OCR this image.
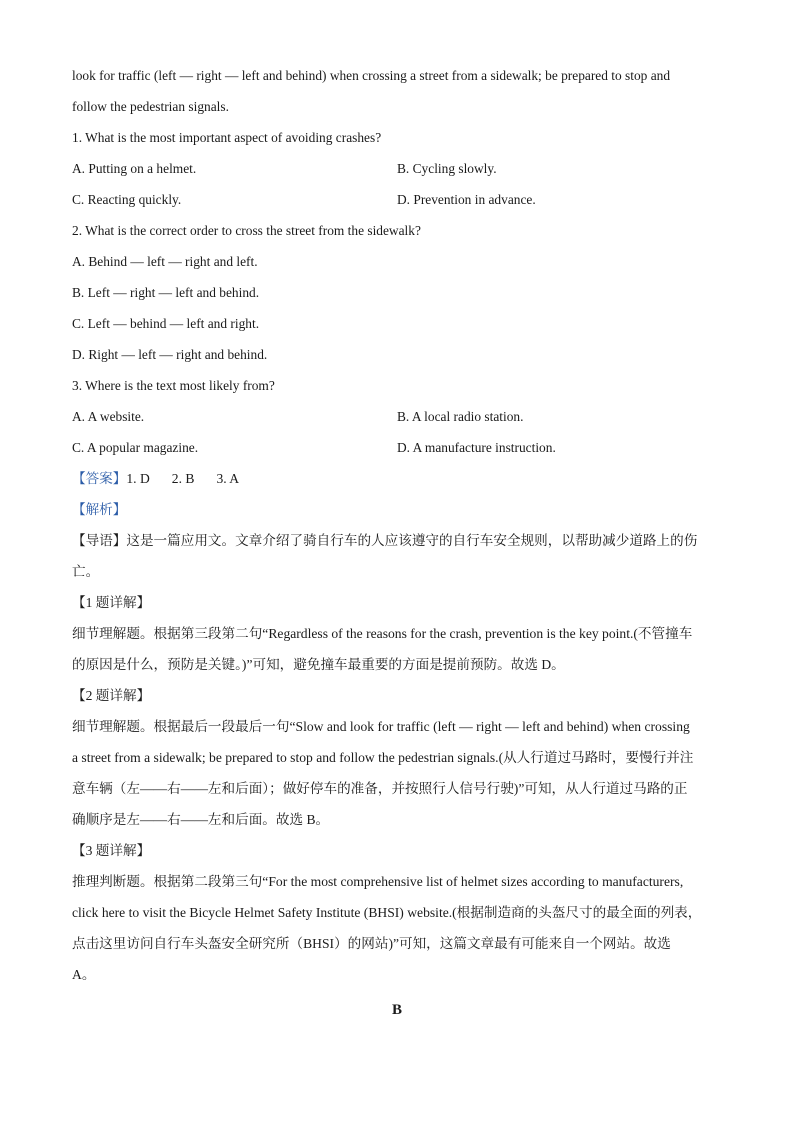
look for traffic (left — right — left and behind) when crossing a street from a sidewalk; be prepared to stop and
follow the pedestrian signals.
1. What is the most important aspect of avoiding crashes?
A. Putting on a helmet.	B. Cycling slowly.
C. Reacting quickly.	D. Prevention in advance.
2. What is the correct order to cross the street from the sidewalk?
A. Behind — left — right and left.
B. Left — right — left and behind.
C. Left — behind — left and right.
D. Right — left — right and behind.
3. Where is the text most likely from?
A. A website.	B. A local radio station.
C. A popular magazine.	D. A manufacture instruction.
【答案】1. D 2. B 3. A
【解析】
【导语】这是一篇应用文。文章介绍了骑自行车的人应该遵守的自行车安全规则，以帮助减少道路上的伤
亡。
【1 题详解】
细节理解题。根据第三段第二句“Regardless of the reasons for the crash, prevention is the key point.(不管撞车
的原因是什么，预防是关键。)”可知，避免撞车最重要的方面是提前预防。故选 D。
【2 题详解】
细节理解题。根据最后一段最后一句“Slow and look for traffic (left — right — left and behind) when crossing
a street from a sidewalk; be prepared to stop and follow the pedestrian signals.(从人行道过马路时，要慢行并注
意车辆（左——右——左和后面）；做好停车的准备，并按照行人信号行驶)”可知，从人行道过马路的正
确顺序是左——右——左和后面。故选 B。
【3 题详解】
推理判断题。根据第二段第三句“For the most comprehensive list of helmet sizes according to manufacturers,
click here to visit the Bicycle Helmet Safety Institute (BHSI) website.(根据制造商的头盔尺寸的最全面的列表，
点击这里访问自行车头盔安全研究所（BHSI）的网站)”可知，这篇文章最有可能来自一个网站。故选
A。
B
